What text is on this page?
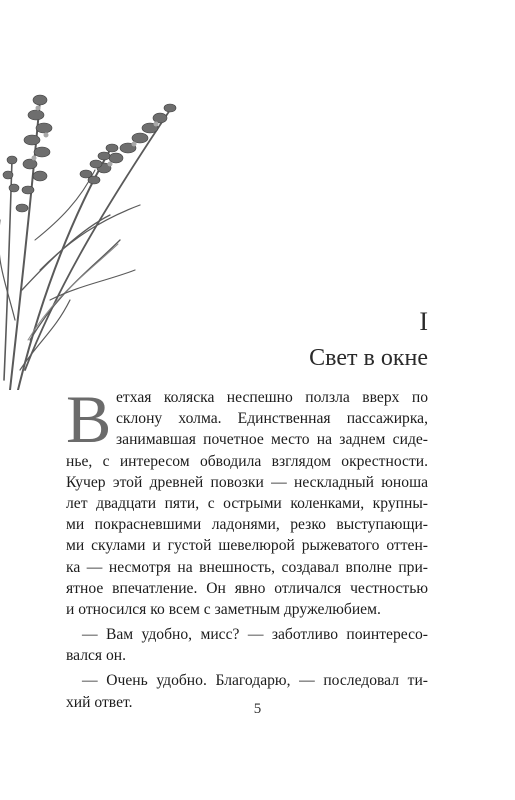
I
Свет в окне
В етхая коляска неспешно ползла вверх по
склону холма. Единственная пассажирка,
занимавшая почетное место на заднем сиде-
нье, с интересом обводила взглядом окрестности.
Кучер этой древней повозки — нескладный юноша
лет двадцати пяти, с острыми коленками, крупны-
ми покрасневшими ладонями, резко выступающи-
ми скулами и густой шевелюрой рыжеватого оттен-
ка — несмотря на внешность, создавал вполне при-
ятное впечатление. Он явно отличался честностью
и относился ко всем с заметным дружелюбием.
— Вам удобно, мисс? — заботливо поинтересо-
вался он.
— Очень удобно. Благодарю, — последовал ти-
хий ответ.	5
